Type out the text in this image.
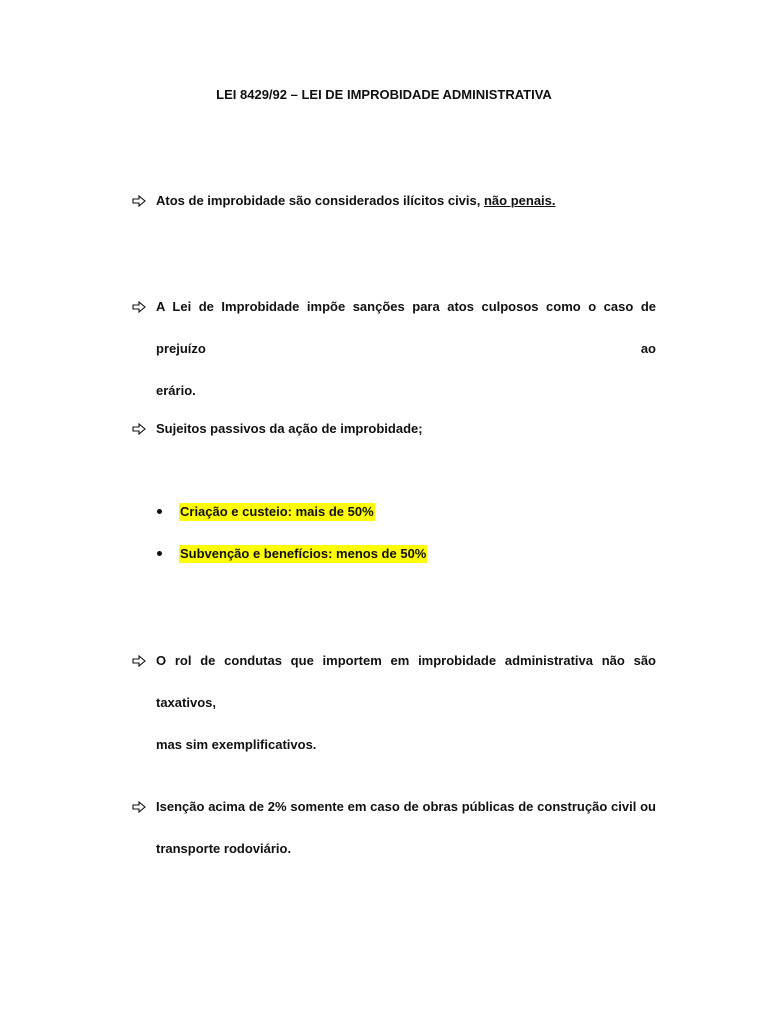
LEI 8429/92 – LEI DE IMPROBIDADE ADMINISTRATIVA
Atos de improbidade são considerados ilícitos civis, não penais.
A Lei de Improbidade impõe sanções para atos culposos como o caso de prejuízo ao
erário.
Sujeitos passivos da ação de improbidade;
Criação e custeio: mais de 50%
Subvenção e benefícios: menos de 50%
O rol de condutas que importem em improbidade administrativa não são taxativos,
mas sim exemplificativos.
Isenção acima de 2% somente em caso de obras públicas de construção civil ou
transporte rodoviário.
